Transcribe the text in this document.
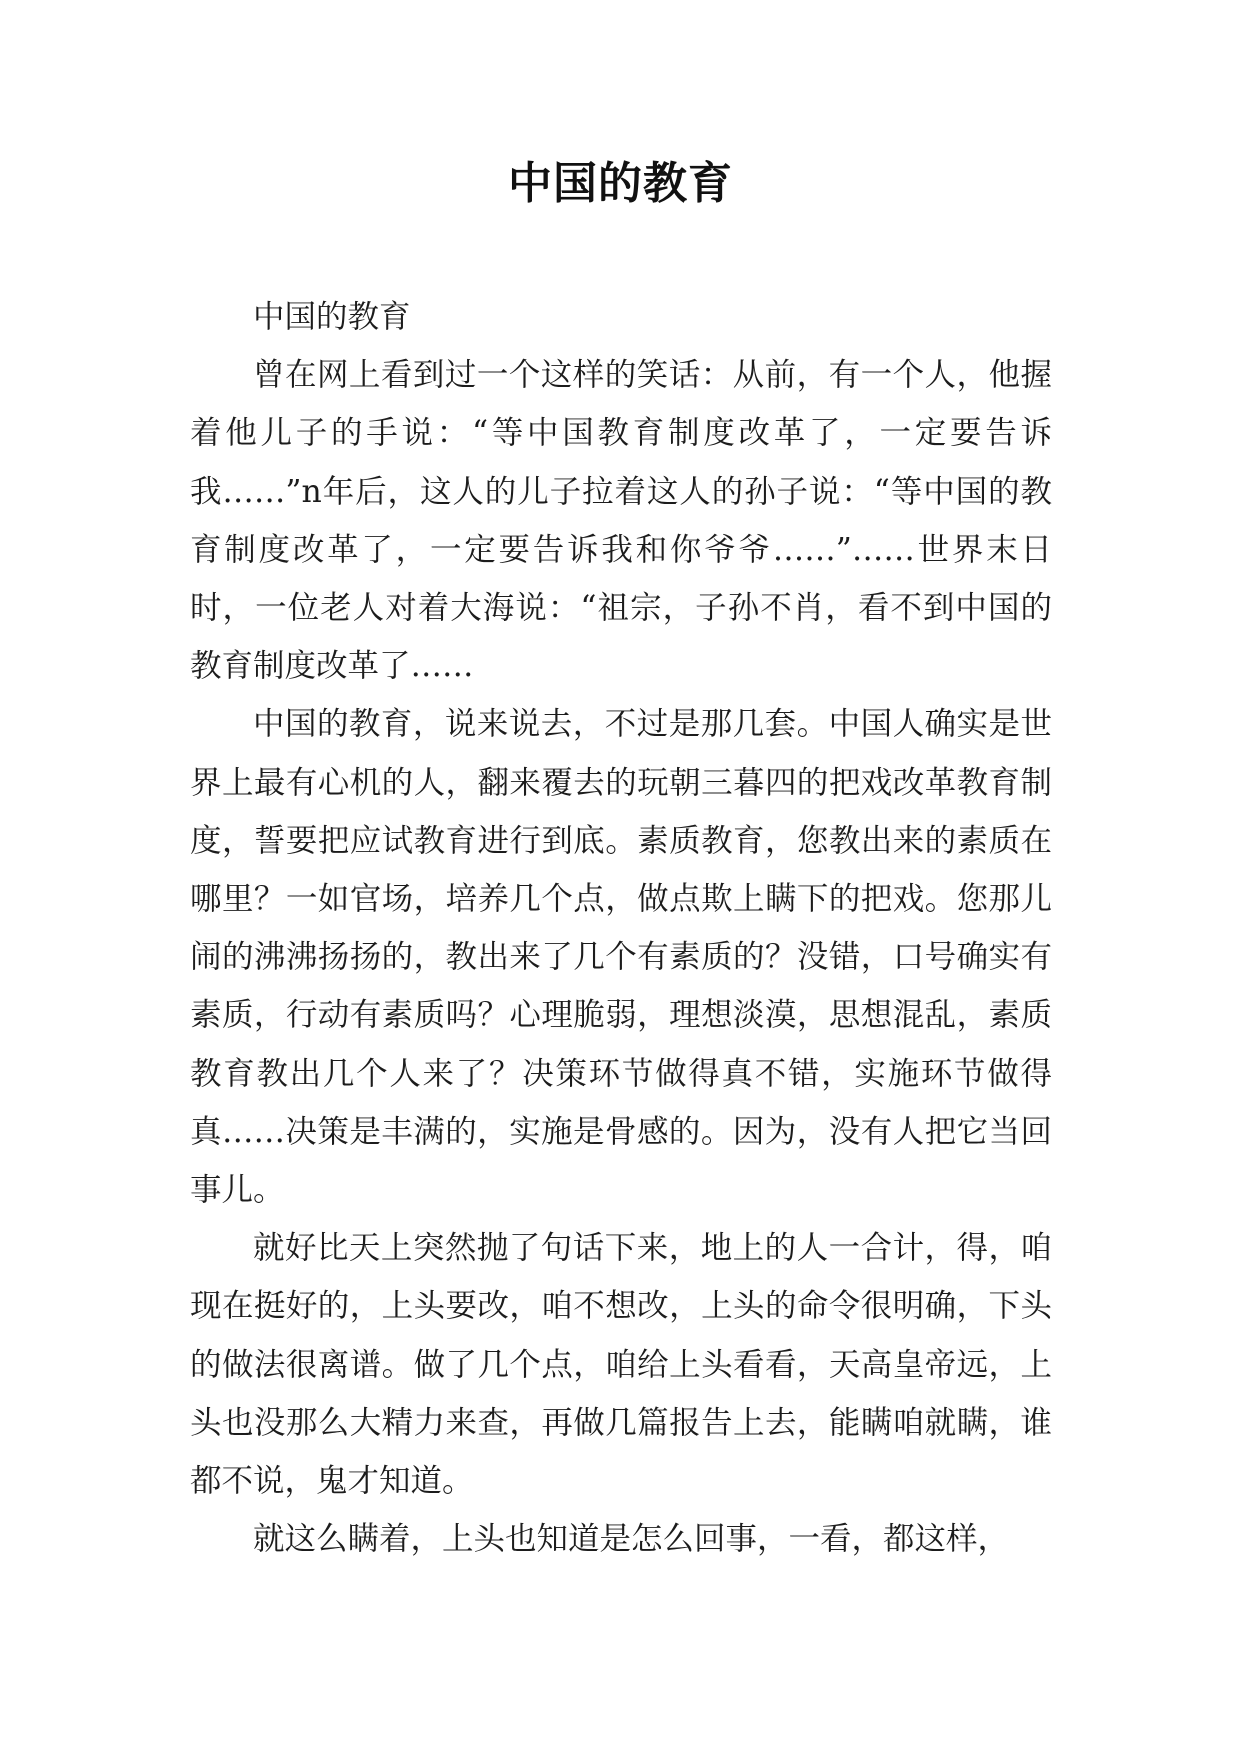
中国的教育

中国的教育

曾在网上看到过一个这样的笑话：从前，有一个人，他握着他儿子的手说：“等中国教育制度改革了，一定要告诉我……”n年后，这人的儿子拉着这人的孙子说：“等中国的教育制度改革了，一定要告诉我和你爷爷……”……世界末日时，一位老人对着大海说：“祖宗，子孙不肖，看不到中国的教育制度改革了……

中国的教育，说来说去，不过是那几套。中国人确实是世界上最有心机的人，翻来覆去的玩朝三暮四的把戏改革教育制度，誓要把应试教育进行到底。素质教育，您教出来的素质在哪里？一如官场，培养几个点，做点欺上瞒下的把戏。您那儿闹的沸沸扬扬的，教出来了几个有素质的？没错，口号确实有素质，行动有素质吗？心理脆弱，理想淡漠，思想混乱，素质教育教出几个人来了？决策环节做得真不错，实施环节做得真……决策是丰满的，实施是骨感的。因为，没有人把它当回事儿。

就好比天上突然抛了句话下来，地上的人一合计，得，咱现在挺好的，上头要改，咱不想改，上头的命令很明确，下头的做法很离谱。做了几个点，咱给上头看看，天高皇帝远，上头也没那么大精力来查，再做几篇报告上去，能瞒咱就瞒，谁都不说，鬼才知道。

就这么瞒着，上头也知道是怎么回事，一看，都这样，
